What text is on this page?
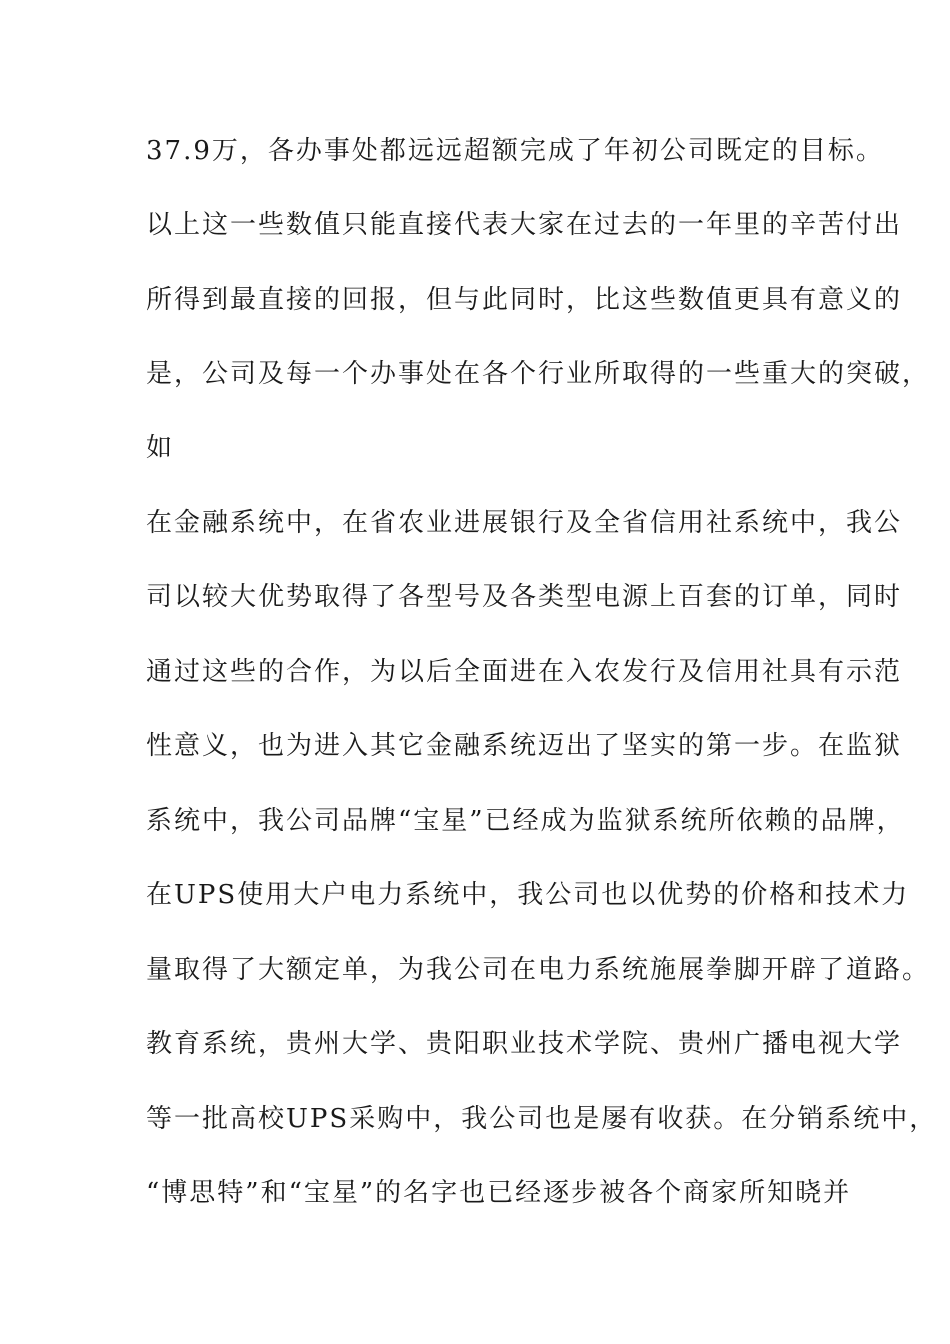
37.9万，各办事处都远远超额完成了年初公司既定的目标。
以上这一些数值只能直接代表大家在过去的一年里的辛苦付出
所得到最直接的回报，但与此同时，比这些数值更具有意义的
是，公司及每一个办事处在各个行业所取得的一些重大的突破，
如
在金融系统中，在省农业进展银行及全省信用社系统中，我公
司以较大优势取得了各型号及各类型电源上百套的订单，同时
通过这些的合作，为以后全面进在入农发行及信用社具有示范
性意义，也为进入其它金融系统迈出了坚实的第一步。在监狱
系统中，我公司品牌“宝星”已经成为监狱系统所依赖的品牌，
在UPS使用大户电力系统中，我公司也以优势的价格和技术力
量取得了大额定单，为我公司在电力系统施展拳脚开辟了道路。
教育系统，贵州大学、贵阳职业技术学院、贵州广播电视大学
等一批高校UPS采购中，我公司也是屡有收获。在分销系统中，
“博思特”和“宝星”的名字也已经逐步被各个商家所知晓并
